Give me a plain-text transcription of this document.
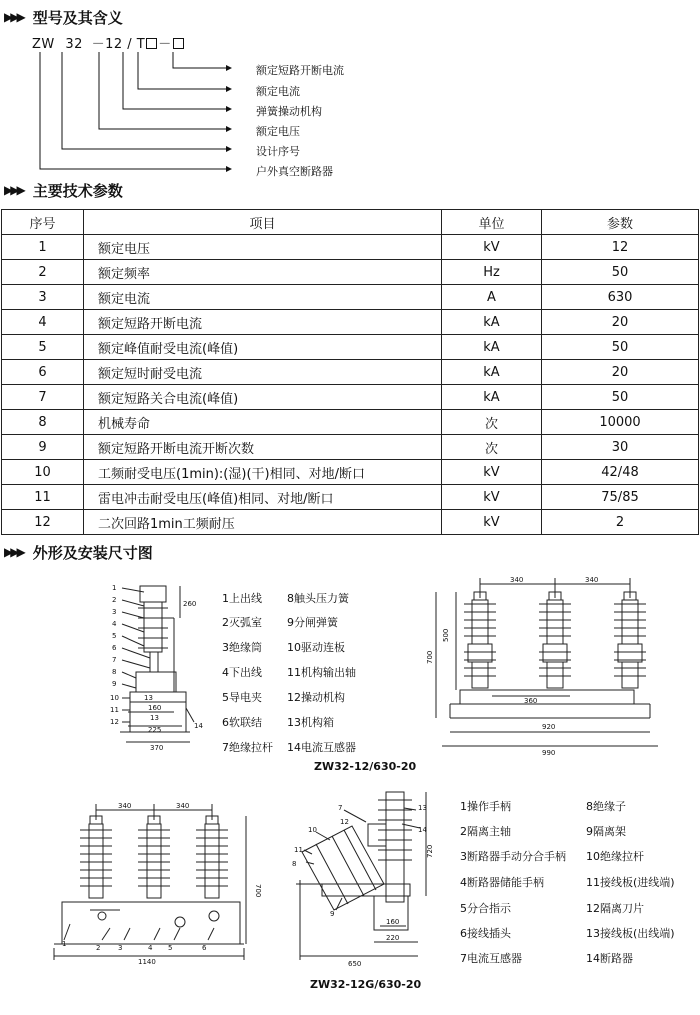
▶▶▶ 型号及其含义
ZW 32 －12 / T －
额定短路开断电流
额定电流
弹簧操动机构
额定电压
设计序号
户外真空断路器
▶▶▶ 主要技术参数
序号	项目	单位	参数
1	额定电压	kV	12
2	额定频率	Hz	50
3	额定电流	A	630
4	额定短路开断电流	kA	20
5	额定峰值耐受电流(峰值)	kA	50
6	额定短时耐受电流	kA	20
7	额定短路关合电流(峰值)	kA	50
8	机械寿命	次	10000
9	额定短路开断电流开断次数	次	30
10	工频耐受电压(1min):(湿)(干)相同、对地/断口	kV	42/48
11	雷电冲击耐受电压(峰值)相同、对地/断口	kV	75/85
12	二次回路1min工频耐压	kV	2
▶▶▶ 外形及安装尺寸图
260
160
13
225
370
1
2
3
4
5
6
7
8
9
10
11
12
13
14
1上出线
2灭弧室
3绝缘筒
4下出线
5导电夹
6软联结
7绝缘拉杆
8触头压力簧
9分闸弹簧
10驱动连板
11机构输出轴
12操动机构
13机构箱
14电流互感器
340	340
500
700
360
920
990
ZW32-12/630-20
340	340
700
1140
1	2	3	4 5	6
720
160
220
650
7
8
9
10
11
12
13
14
ZW32-12G/630-20
1操作手柄
2隔离主轴
3断路器手动分合手柄
4断路器储能手柄
5分合指示
6接线插头
7电流互感器
8绝缘子
9隔离架
10绝缘拉杆
11接线板(进线端)
12隔离刀片
13接线板(出线端)
14断路器
